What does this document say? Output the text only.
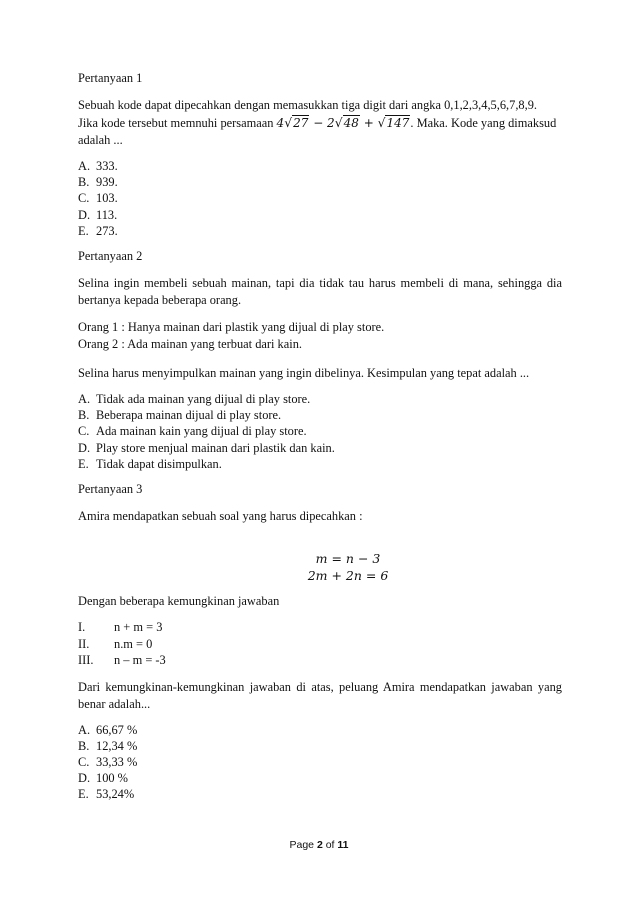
Pertanyaan 1

Sebuah kode dapat dipecahkan dengan memasukkan tiga digit dari angka 0,1,2,3,4,5,6,7,8,9.

Jika kode tersebut memnuhi persamaan 4√27 − 2√48 + √147. Maka. Kode yang dimaksud

adalah ...

A. 333.
B. 939.
C. 103.
D. 113.
E. 273.

Pertanyaan 2

Selina ingin membeli sebuah mainan, tapi dia tidak tau harus membeli di mana, sehingga dia bertanya kepada beberapa orang.

Orang 1 : Hanya mainan dari plastik yang dijual di play store.

Orang 2 : Ada mainan yang terbuat dari kain.

Selina harus menyimpulkan mainan yang ingin dibelinya. Kesimpulan yang tepat adalah ...

A. Tidak ada mainan yang dijual di play store.
B. Beberapa mainan dijual di play store.
C. Ada mainan kain yang dijual di play store.
D. Play store menjual mainan dari plastik dan kain.
E. Tidak dapat disimpulkan.

Pertanyaan 3

Amira mendapatkan sebuah soal yang harus dipecahkan :

m = n − 3

2m + 2n = 6

Dengan beberapa kemungkinan jawaban

I.	n + m = 3
II.	n.m = 0
III.	n – m = -3

Dari kemungkinan-kemungkinan jawaban di atas, peluang Amira mendapatkan jawaban yang benar adalah...

A. 66,67 %
B. 12,34 %
C. 33,33 %
D. 100 %
E. 53,24%
Page 2 of 11
